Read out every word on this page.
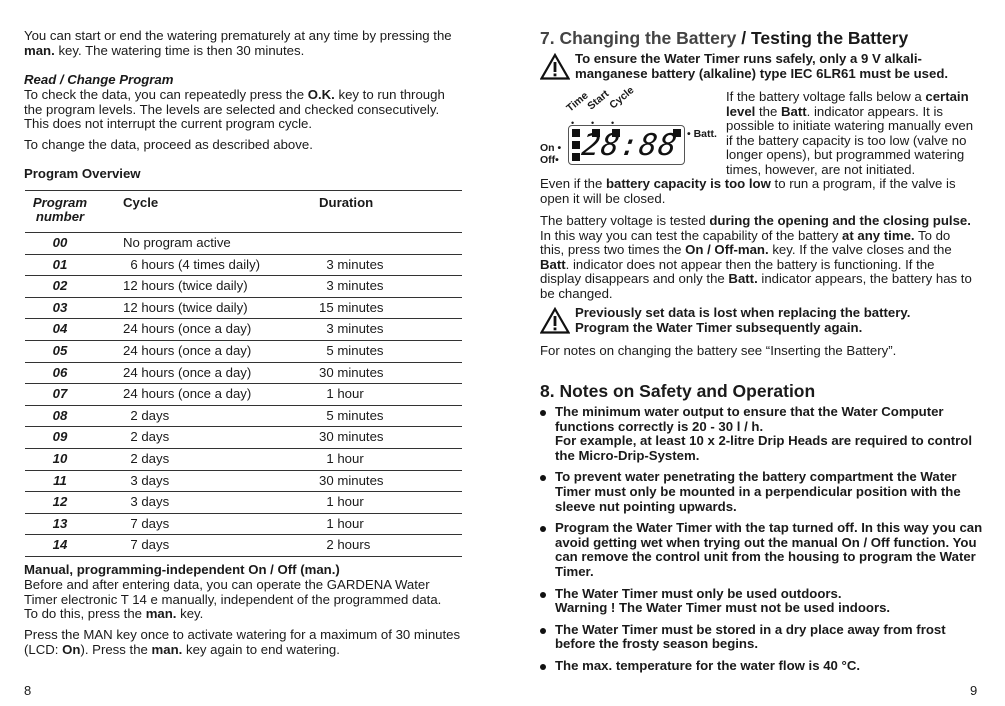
You can start or end the watering prematurely at any time by pressing the
man. key. The watering time is then 30 minutes.

Read / Change Program

To check the data, you can repeatedly press the O.K. key to run through the program levels. The levels are selected and checked consecutively. This does not interrupt the current program cycle.

To change the data, proceed as described above.

Program Overview

Program
number	Cycle	Duration
00	No program active	
01	6 hours (4 times daily)	3 minutes
02	12 hours (twice daily)	3 minutes
03	12 hours (twice daily)	15 minutes
04	24 hours (once a day)	3 minutes
05	24 hours (once a day)	5 minutes
06	24 hours (once a day)	30 minutes
07	24 hours (once a day)	1 hour
08	2 days	5 minutes
09	2 days	30 minutes
10	2 days	1 hour
11	3 days	30 minutes
12	3 days	1 hour
13	7 days	1 hour
14	7 days	2 hours

Manual, programming-independent On / Off (man.)

Before and after entering data, you can operate the GARDENA Water Timer electronic T 14 e manually, independent of the programmed data. To do this, press the man. key.

Press the MAN key once to activate watering for a maximum of 30 minutes (LCD: On). Press the man. key again to end watering.

8
7. Changing the Battery / Testing the Battery
To ensure the Water Timer runs safely, only a 9 V alkali-manganese battery (alkaline) type IEC 6LR61 must be used.
Time
Start
Cycle
• • •
28:88
On •
Off•
• Batt.

If the battery voltage falls below a certain level the Batt. indicator appears. It is possible to initiate watering manually even if the battery capacity is too low (valve no longer opens), but programmed watering times, however, are not initiated.

Even if the battery capacity is too low to run a program, if the valve is open it will be closed.

The battery voltage is tested during the opening and the closing pulse. In this way you can test the capability of the battery at any time. To do this, press two times the On / Off-man. key. If the valve closes and the Batt. indicator does not appear then the battery is functioning. If the display disappears and only the Batt. indicator appears, the battery has to be changed.

Previously set data is lost when replacing the battery.
Program the Water Timer subsequently again.

For notes on changing the battery see “Inserting the Battery”.

8. Notes on Safety and Operation
The minimum water output to ensure that the Water Computer functions correctly is 20 - 30 l / h.
For example, at least 10 x 2-litre Drip Heads are required to control the Micro-Drip-System.
To prevent water penetrating the battery compartment the Water Timer must only be mounted in a perpendicular position with the sleeve nut pointing upwards.
Program the Water Timer with the tap turned off. In this way you can avoid getting wet when trying out the manual On / Off function. You can remove the control unit from the housing to program the Water Timer.
The Water Timer must only be used outdoors.
Warning ! The Water Timer must not be used indoors.
The Water Timer must be stored in a dry place away from frost before the frosty season begins.
The max. temperature for the water flow is 40 °C.
9
